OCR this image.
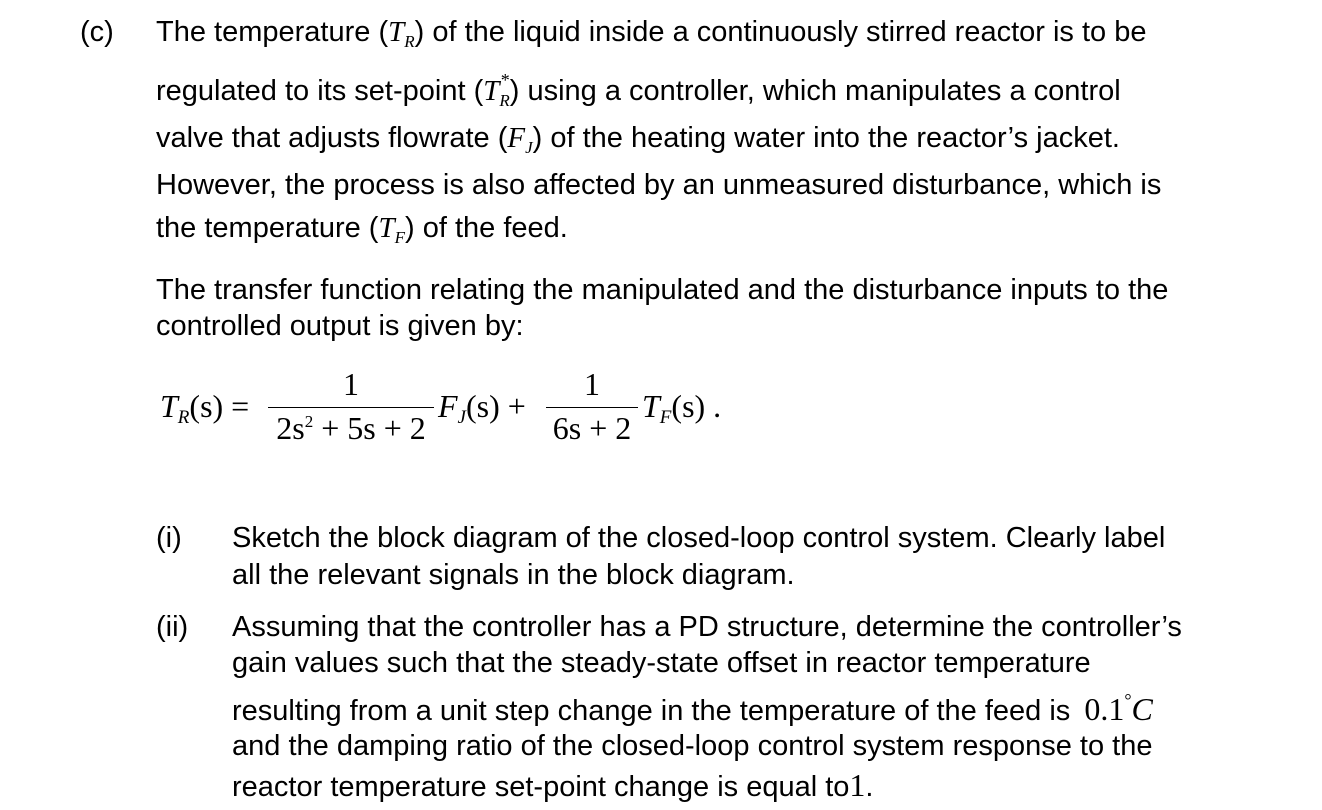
(c) The temperature $(T_R)$ of the liquid inside a continuously stirred reactor is to be
regulated to its set-point $(T_R^*)$ using a controller, which manipulates a control
valve that adjusts flowrate $(F_J)$ of the heating water into the reactor’s jacket.
However, the process is also affected by an unmeasured disturbance, which is
the temperature $(T_F)$ of the feed.
The transfer function relating the manipulated and the disturbance inputs to the
controlled output is given by:
$T_R(s)$ =
1
$2s^2 + 5s + 2$
$F_J(s)$ +
1
6s + 2
$T_F(s)$ .
(i) Sketch the block diagram of the closed-loop control system. Clearly label
all the relevant signals in the block diagram.
(ii) Assuming that the controller has a PD structure, determine the controller’s
gain values such that the steady-state offset in reactor temperature
resulting from a unit step change in the temperature of the feed is 0.1°C
and the damping ratio of the closed-loop control system response to the
reactor temperature set-point change is equal to1.
